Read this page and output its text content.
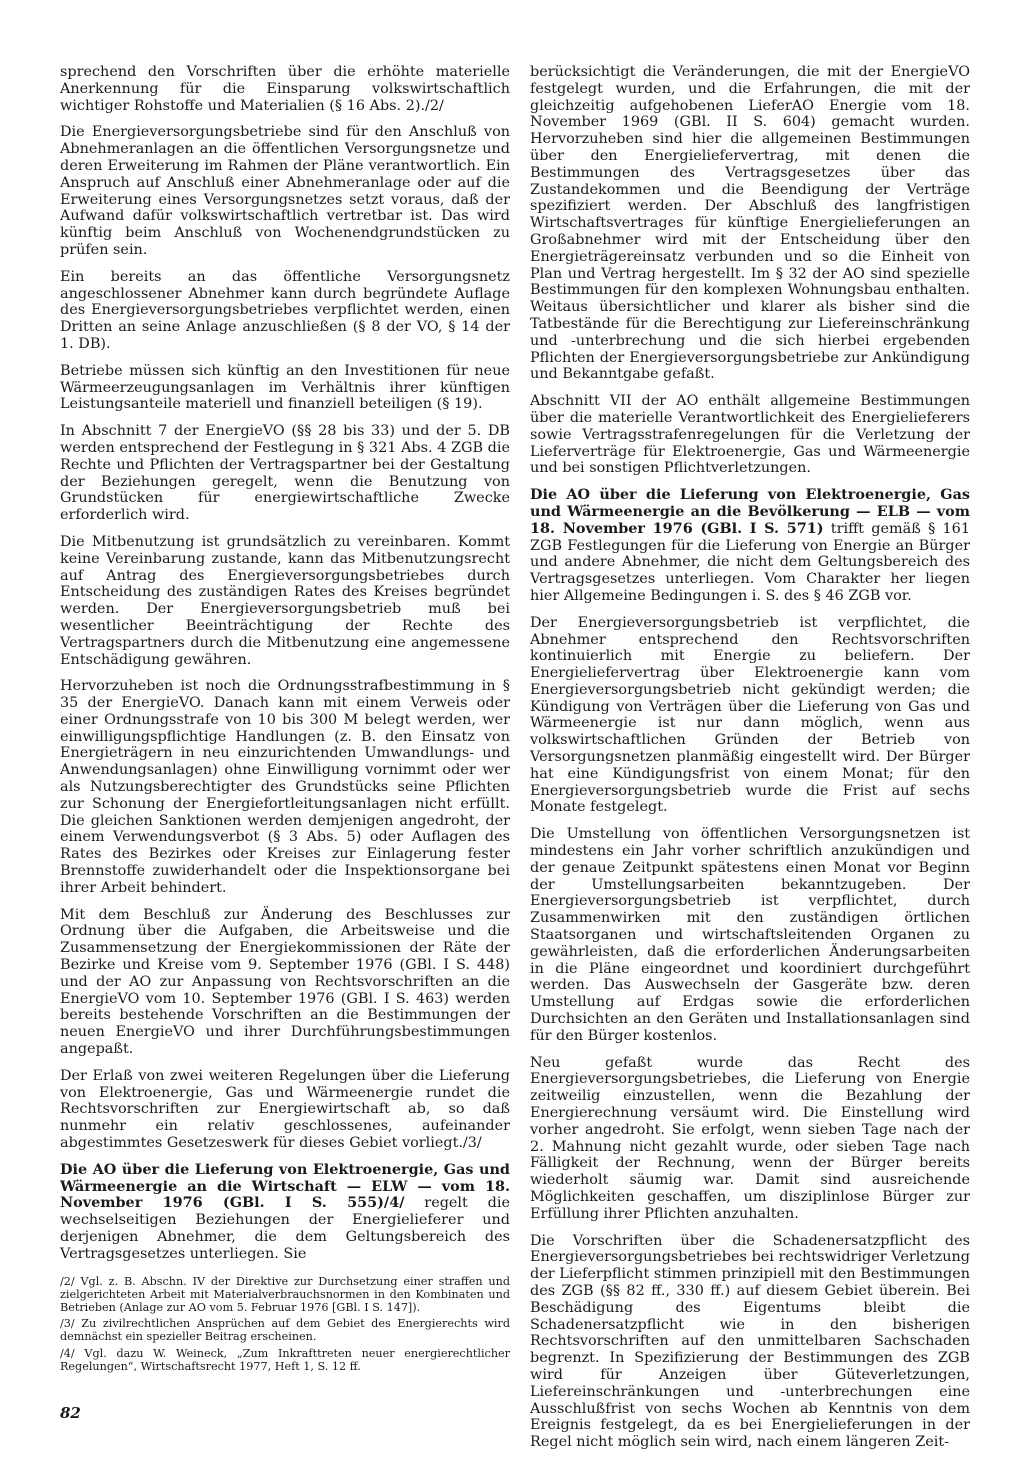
sprechend den Vorschriften über die erhöhte materielle Anerkennung für die Einsparung volkswirtschaftlich wichtiger Rohstoffe und Materialien (§ 16 Abs. 2)./2/

Die Energieversorgungsbetriebe sind für den Anschluß von Abnehmeranlagen an die öffentlichen Versorgungsnetze und deren Erweiterung im Rahmen der Pläne verantwortlich. Ein Anspruch auf Anschluß einer Abnehmeranlage oder auf die Erweiterung eines Versorgungsnetzes setzt voraus, daß der Aufwand dafür volkswirtschaftlich vertretbar ist. Das wird künftig beim Anschluß von Wochenendgrundstücken zu prüfen sein.

Ein bereits an das öffentliche Versorgungsnetz angeschlossener Abnehmer kann durch begründete Auflage des Energieversorgungsbetriebes verpflichtet werden, einen Dritten an seine Anlage anzuschließen (§ 8 der VO, § 14 der 1. DB).

Betriebe müssen sich künftig an den Investitionen für neue Wärmeerzeugungsanlagen im Verhältnis ihrer künftigen Leistungsanteile materiell und finanziell beteiligen (§ 19).

In Abschnitt 7 der EnergieVO (§§ 28 bis 33) und der 5. DB werden entsprechend der Festlegung in § 321 Abs. 4 ZGB die Rechte und Pflichten der Vertragspartner bei der Gestaltung der Beziehungen geregelt, wenn die Benutzung von Grundstücken für energiewirtschaftliche Zwecke erforderlich wird.

Die Mitbenutzung ist grundsätzlich zu vereinbaren. Kommt keine Vereinbarung zustande, kann das Mitbenutzungsrecht auf Antrag des Energieversorgungsbetriebes durch Entscheidung des zuständigen Rates des Kreises begründet werden. Der Energieversorgungsbetrieb muß bei wesentlicher Beeinträchtigung der Rechte des Vertragspartners durch die Mitbenutzung eine angemessene Entschädigung gewähren.

Hervorzuheben ist noch die Ordnungsstrafbestimmung in § 35 der EnergieVO. Danach kann mit einem Verweis oder einer Ordnungsstrafe von 10 bis 300 M belegt werden, wer einwilligungspflichtige Handlungen (z. B. den Einsatz von Energieträgern in neu einzurichtenden Umwandlungs- und Anwendungsanlagen) ohne Einwilligung vornimmt oder wer als Nutzungsberechtigter des Grundstücks seine Pflichten zur Schonung der Energiefortleitungsanlagen nicht erfüllt. Die gleichen Sanktionen werden demjenigen angedroht, der einem Verwendungsverbot (§ 3 Abs. 5) oder Auflagen des Rates des Bezirkes oder Kreises zur Einlagerung fester Brennstoffe zuwiderhandelt oder die Inspektionsorgane bei ihrer Arbeit behindert.

Mit dem Beschluß zur Änderung des Beschlusses zur Ordnung über die Aufgaben, die Arbeitsweise und die Zusammensetzung der Energiekommissionen der Räte der Bezirke und Kreise vom 9. September 1976 (GBl. I S. 448) und der AO zur Anpassung von Rechtsvorschriften an die EnergieVO vom 10. September 1976 (GBl. I S. 463) werden bereits bestehende Vorschriften an die Bestimmungen der neuen EnergieVO und ihrer Durchführungsbestimmungen angepaßt.

Der Erlaß von zwei weiteren Regelungen über die Lieferung von Elektroenergie, Gas und Wärmeenergie rundet die Rechtsvorschriften zur Energiewirtschaft ab, so daß nunmehr ein relativ geschlossenes, aufeinander abgestimmtes Gesetzeswerk für dieses Gebiet vorliegt./3/

Die AO über die Lieferung von Elektroenergie, Gas und Wärmeenergie an die Wirtschaft — ELW — vom 18. November 1976 (GBl. I S. 555)/4/ regelt die wechselseitigen Beziehungen der Energielieferer und derjenigen Abnehmer, die dem Geltungsbereich des Vertragsgesetzes unterliegen. Sie

/2/ Vgl. z. B. Abschn. IV der Direktive zur Durchsetzung einer straffen und zielgerichteten Arbeit mit Materialverbrauchsnormen in den Kombinaten und Betrieben (Anlage zur AO vom 5. Februar 1976 [GBl. I S. 147]).

/3/ Zu zivilrechtlichen Ansprüchen auf dem Gebiet des Energierechts wird demnächst ein spezieller Beitrag erscheinen.

/4/ Vgl. dazu W. Weineck, „Zum Inkrafttreten neuer energierechtlicher Regelungen“, Wirtschaftsrecht 1977, Heft 1, S. 12 ff.

berücksichtigt die Veränderungen, die mit der EnergieVO festgelegt wurden, und die Erfahrungen, die mit der gleichzeitig aufgehobenen LieferAO Energie vom 18. November 1969 (GBl. II S. 604) gemacht wurden. Hervorzuheben sind hier die allgemeinen Bestimmungen über den Energieliefervertrag, mit denen die Bestimmungen des Vertragsgesetzes über das Zustandekommen und die Beendigung der Verträge spezifiziert werden. Der Abschluß des langfristigen Wirtschaftsvertrages für künftige Energielieferungen an Großabnehmer wird mit der Entscheidung über den Energieträgereinsatz verbunden und so die Einheit von Plan und Vertrag hergestellt. Im § 32 der AO sind spezielle Bestimmungen für den komplexen Wohnungsbau enthalten. Weitaus übersichtlicher und klarer als bisher sind die Tatbestände für die Berechtigung zur Liefereinschränkung und -unterbrechung und die sich hierbei ergebenden Pflichten der Energieversorgungsbetriebe zur Ankündigung und Bekanntgabe gefaßt.

Abschnitt VII der AO enthält allgemeine Bestimmungen über die materielle Verantwortlichkeit des Energielieferers sowie Vertragsstrafenregelungen für die Verletzung der Lieferverträge für Elektroenergie, Gas und Wärmeenergie und bei sonstigen Pflichtverletzungen.

Die AO über die Lieferung von Elektroenergie, Gas und Wärmeenergie an die Bevölkerung — ELB — vom 18. November 1976 (GBl. I S. 571) trifft gemäß § 161 ZGB Festlegungen für die Lieferung von Energie an Bürger und andere Abnehmer, die nicht dem Geltungsbereich des Vertragsgesetzes unterliegen. Vom Charakter her liegen hier Allgemeine Bedingungen i. S. des § 46 ZGB vor.

Der Energieversorgungsbetrieb ist verpflichtet, die Abnehmer entsprechend den Rechtsvorschriften kontinuierlich mit Energie zu beliefern. Der Energieliefervertrag über Elektroenergie kann vom Energieversorgungsbetrieb nicht gekündigt werden; die Kündigung von Verträgen über die Lieferung von Gas und Wärmeenergie ist nur dann möglich, wenn aus volkswirtschaftlichen Gründen der Betrieb von Versorgungsnetzen planmäßig eingestellt wird. Der Bürger hat eine Kündigungsfrist von einem Monat; für den Energieversorgungsbetrieb wurde die Frist auf sechs Monate festgelegt.

Die Umstellung von öffentlichen Versorgungsnetzen ist mindestens ein Jahr vorher schriftlich anzukündigen und der genaue Zeitpunkt spätestens einen Monat vor Beginn der Umstellungsarbeiten bekanntzugeben. Der Energieversorgungsbetrieb ist verpflichtet, durch Zusammenwirken mit den zuständigen örtlichen Staatsorganen und wirtschaftsleitenden Organen zu gewährleisten, daß die erforderlichen Änderungsarbeiten in die Pläne eingeordnet und koordiniert durchgeführt werden. Das Auswechseln der Gasgeräte bzw. deren Umstellung auf Erdgas sowie die erforderlichen Durchsichten an den Geräten und Installationsanlagen sind für den Bürger kostenlos.

Neu gefaßt wurde das Recht des Energieversorgungsbetriebes, die Lieferung von Energie zeitweilig einzustellen, wenn die Bezahlung der Energierechnung versäumt wird. Die Einstellung wird vorher angedroht. Sie erfolgt, wenn sieben Tage nach der 2. Mahnung nicht gezahlt wurde, oder sieben Tage nach Fälligkeit der Rechnung, wenn der Bürger bereits wiederholt säumig war. Damit sind ausreichende Möglichkeiten geschaffen, um disziplinlose Bürger zur Erfüllung ihrer Pflichten anzuhalten.

Die Vorschriften über die Schadenersatzpflicht des Energieversorgungsbetriebes bei rechtswidriger Verletzung der Lieferpflicht stimmen prinzipiell mit den Bestimmungen des ZGB (§§ 82 ff., 330 ff.) auf diesem Gebiet überein. Bei Beschädigung des Eigentums bleibt die Schadenersatzpflicht wie in den bisherigen Rechtsvorschriften auf den unmittelbaren Sachschaden begrenzt. In Spezifizierung der Bestimmungen des ZGB wird für Anzeigen über Güteverletzungen, Liefereinschränkungen und -unterbrechungen eine Ausschlußfrist von sechs Wochen ab Kenntnis von dem Ereignis festgelegt, da es bei Energielieferungen in der Regel nicht möglich sein wird, nach einem längeren Zeit-

82
